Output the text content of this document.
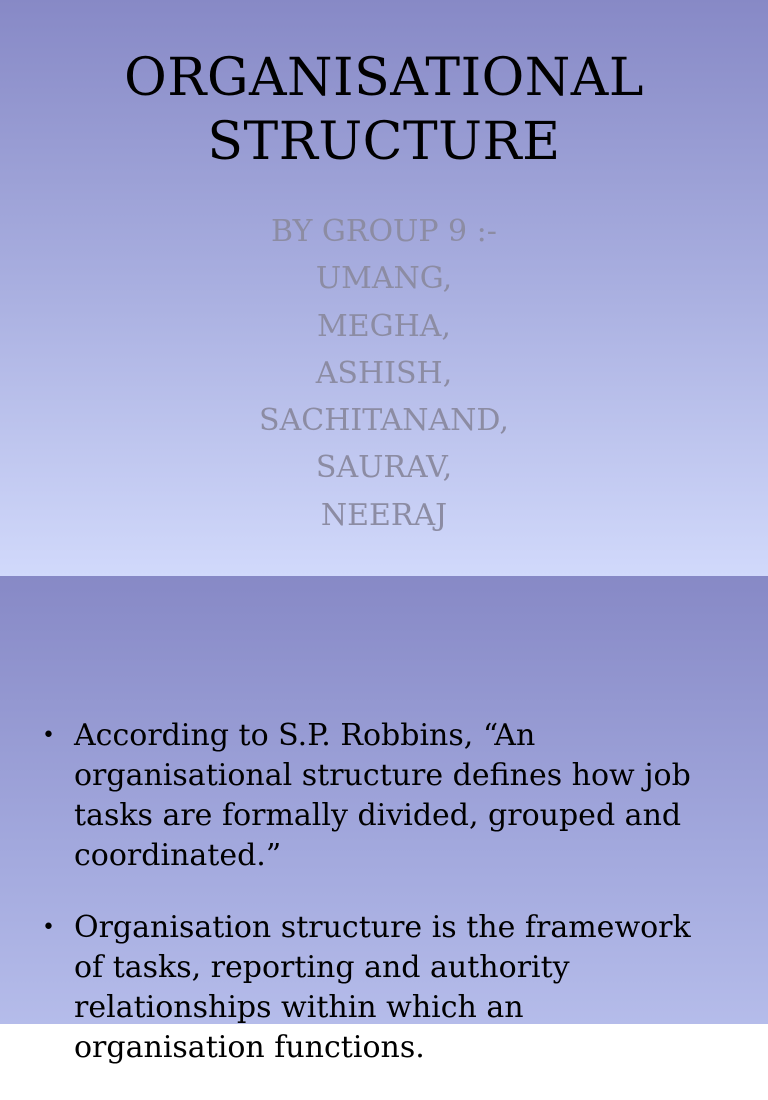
ORGANISATIONAL
STRUCTURE
BY GROUP 9 :-
UMANG,
MEGHA,
ASHISH,
SACHITANAND,
SAURAV,
NEERAJ
• According to S.P. Robbins, “An organisational structure defines how job tasks are formally divided, grouped and coordinated.”
• Organisation structure is the framework of tasks, reporting and authority relationships within which an organisation functions.
